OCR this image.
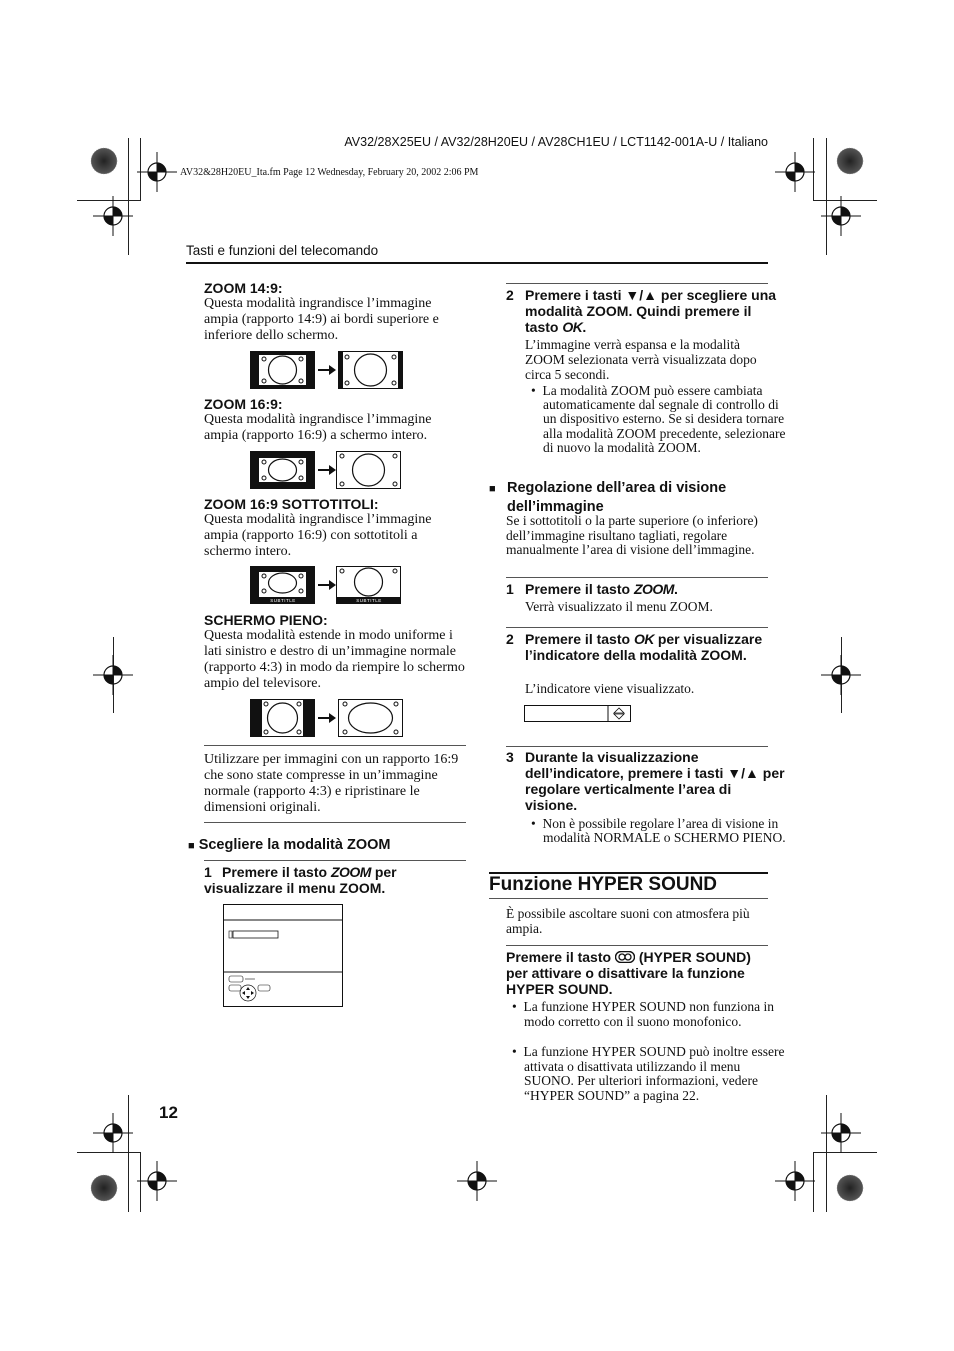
AV32/28X25EU / AV32/28H20EU / AV28CH1EU / LCT1142-001A-U / Italiano
AV32&28H20EU_Ita.fm Page 12 Wednesday, February 20, 2002 2:06 PM
Tasti e funzioni del telecomando
ZOOM 14:9:
Questa modalità ingrandisce l’immagine ampia (rapporto 14:9) ai bordi superiore e inferiore dello schermo.
ZOOM 16:9:
Questa modalità ingrandisce l’immagine ampia (rapporto 16:9) a schermo intero.
ZOOM 16:9 SOTTOTITOLI:
Questa modalità ingrandisce l’immagine ampia (rapporto 16:9) con sottotitoli a schermo intero.
SUBTITLE	SUBTITLE
SCHERMO PIENO:
Questa modalità estende in modo uniforme i lati sinistro e destro di un’immagine normale (rapporto 4:3) in modo da riempire lo schermo ampio del televisore.
Utilizzare per immagini con un rapporto 16:9 che sono state compresse in un’immagine normale (rapporto 4:3) e ripristinare le dimensioni originali.
■ Scegliere la modalità ZOOM
1 Premere il tasto ZOOM per visualizzare il menu ZOOM.
12
2 Premere i tasti ▼/▲ per scegliere una modalità ZOOM. Quindi premere il tasto OK.
L’immagine verrà espansa e la modalità ZOOM selezionata verrà visualizzata dopo circa 5 secondi.
• La modalità ZOOM può essere cambiata automaticamente dal segnale di controllo di un dispositivo esterno. Se si desidera tornare alla modalità ZOOM precedente, selezionare di nuovo la modalità ZOOM.
■ Regolazione dell’area di visione dell’immagine
Se i sottotitoli o la parte superiore (o inferiore) dell’immagine risultano tagliati, regolare manualmente l’area di visione dell’immagine.
1 Premere il tasto ZOOM.
Verrà visualizzato il menu ZOOM.
2 Premere il tasto OK per visualizzare l’indicatore della modalità ZOOM.
L’indicatore viene visualizzato.
3 Durante la visualizzazione dell’indicatore, premere i tasti ▼/▲ per regolare verticalmente l’area di visione.
• Non è possibile regolare l’area di visione in modalità NORMALE o SCHERMO PIENO.
Funzione HYPER SOUND
È possibile ascoltare suoni con atmosfera più ampia.
Premere il tasto (HYPER SOUND) per attivare o disattivare la funzione HYPER SOUND.
• La funzione HYPER SOUND non funziona in modo corretto con il suono monofonico.
• La funzione HYPER SOUND può inoltre essere attivata o disattivata utilizzando il menu SUONO. Per ulteriori informazioni, vedere “HYPER SOUND” a pagina 22.
